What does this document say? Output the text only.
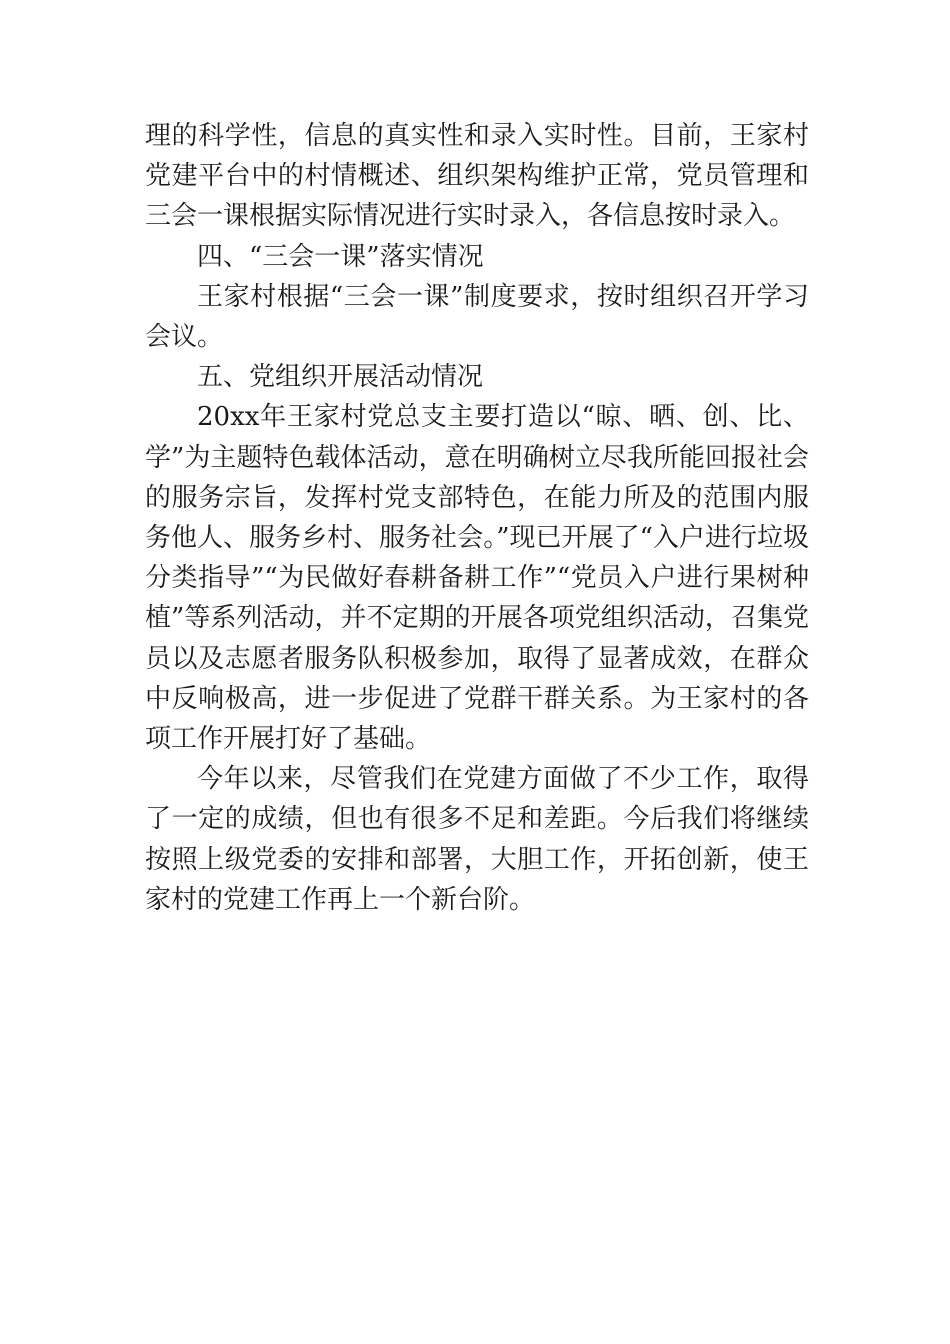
理的科学性，信息的真实性和录入实时性。目前，王家村党建平台中的村情概述、组织架构维护正常，党员管理和三会一课根据实际情况进行实时录入，各信息按时录入。

四、“三会一课”落实情况

王家村根据“三会一课”制度要求，按时组织召开学习会议。

五、党组织开展活动情况

20xx年王家村党总支主要打造以“晾、晒、创、比、学”为主题特色载体活动，意在明确树立尽我所能回报社会的服务宗旨，发挥村党支部特色，在能力所及的范围内服务他人、服务乡村、服务社会。”现已开展了“入户进行垃圾分类指导”“为民做好春耕备耕工作”“党员入户进行果树种植”等系列活动，并不定期的开展各项党组织活动，召集党员以及志愿者服务队积极参加，取得了显著成效，在群众中反响极高，进一步促进了党群干群关系。为王家村的各项工作开展打好了基础。

今年以来，尽管我们在党建方面做了不少工作，取得了一定的成绩，但也有很多不足和差距。今后我们将继续按照上级党委的安排和部署，大胆工作，开拓创新，使王家村的党建工作再上一个新台阶。
